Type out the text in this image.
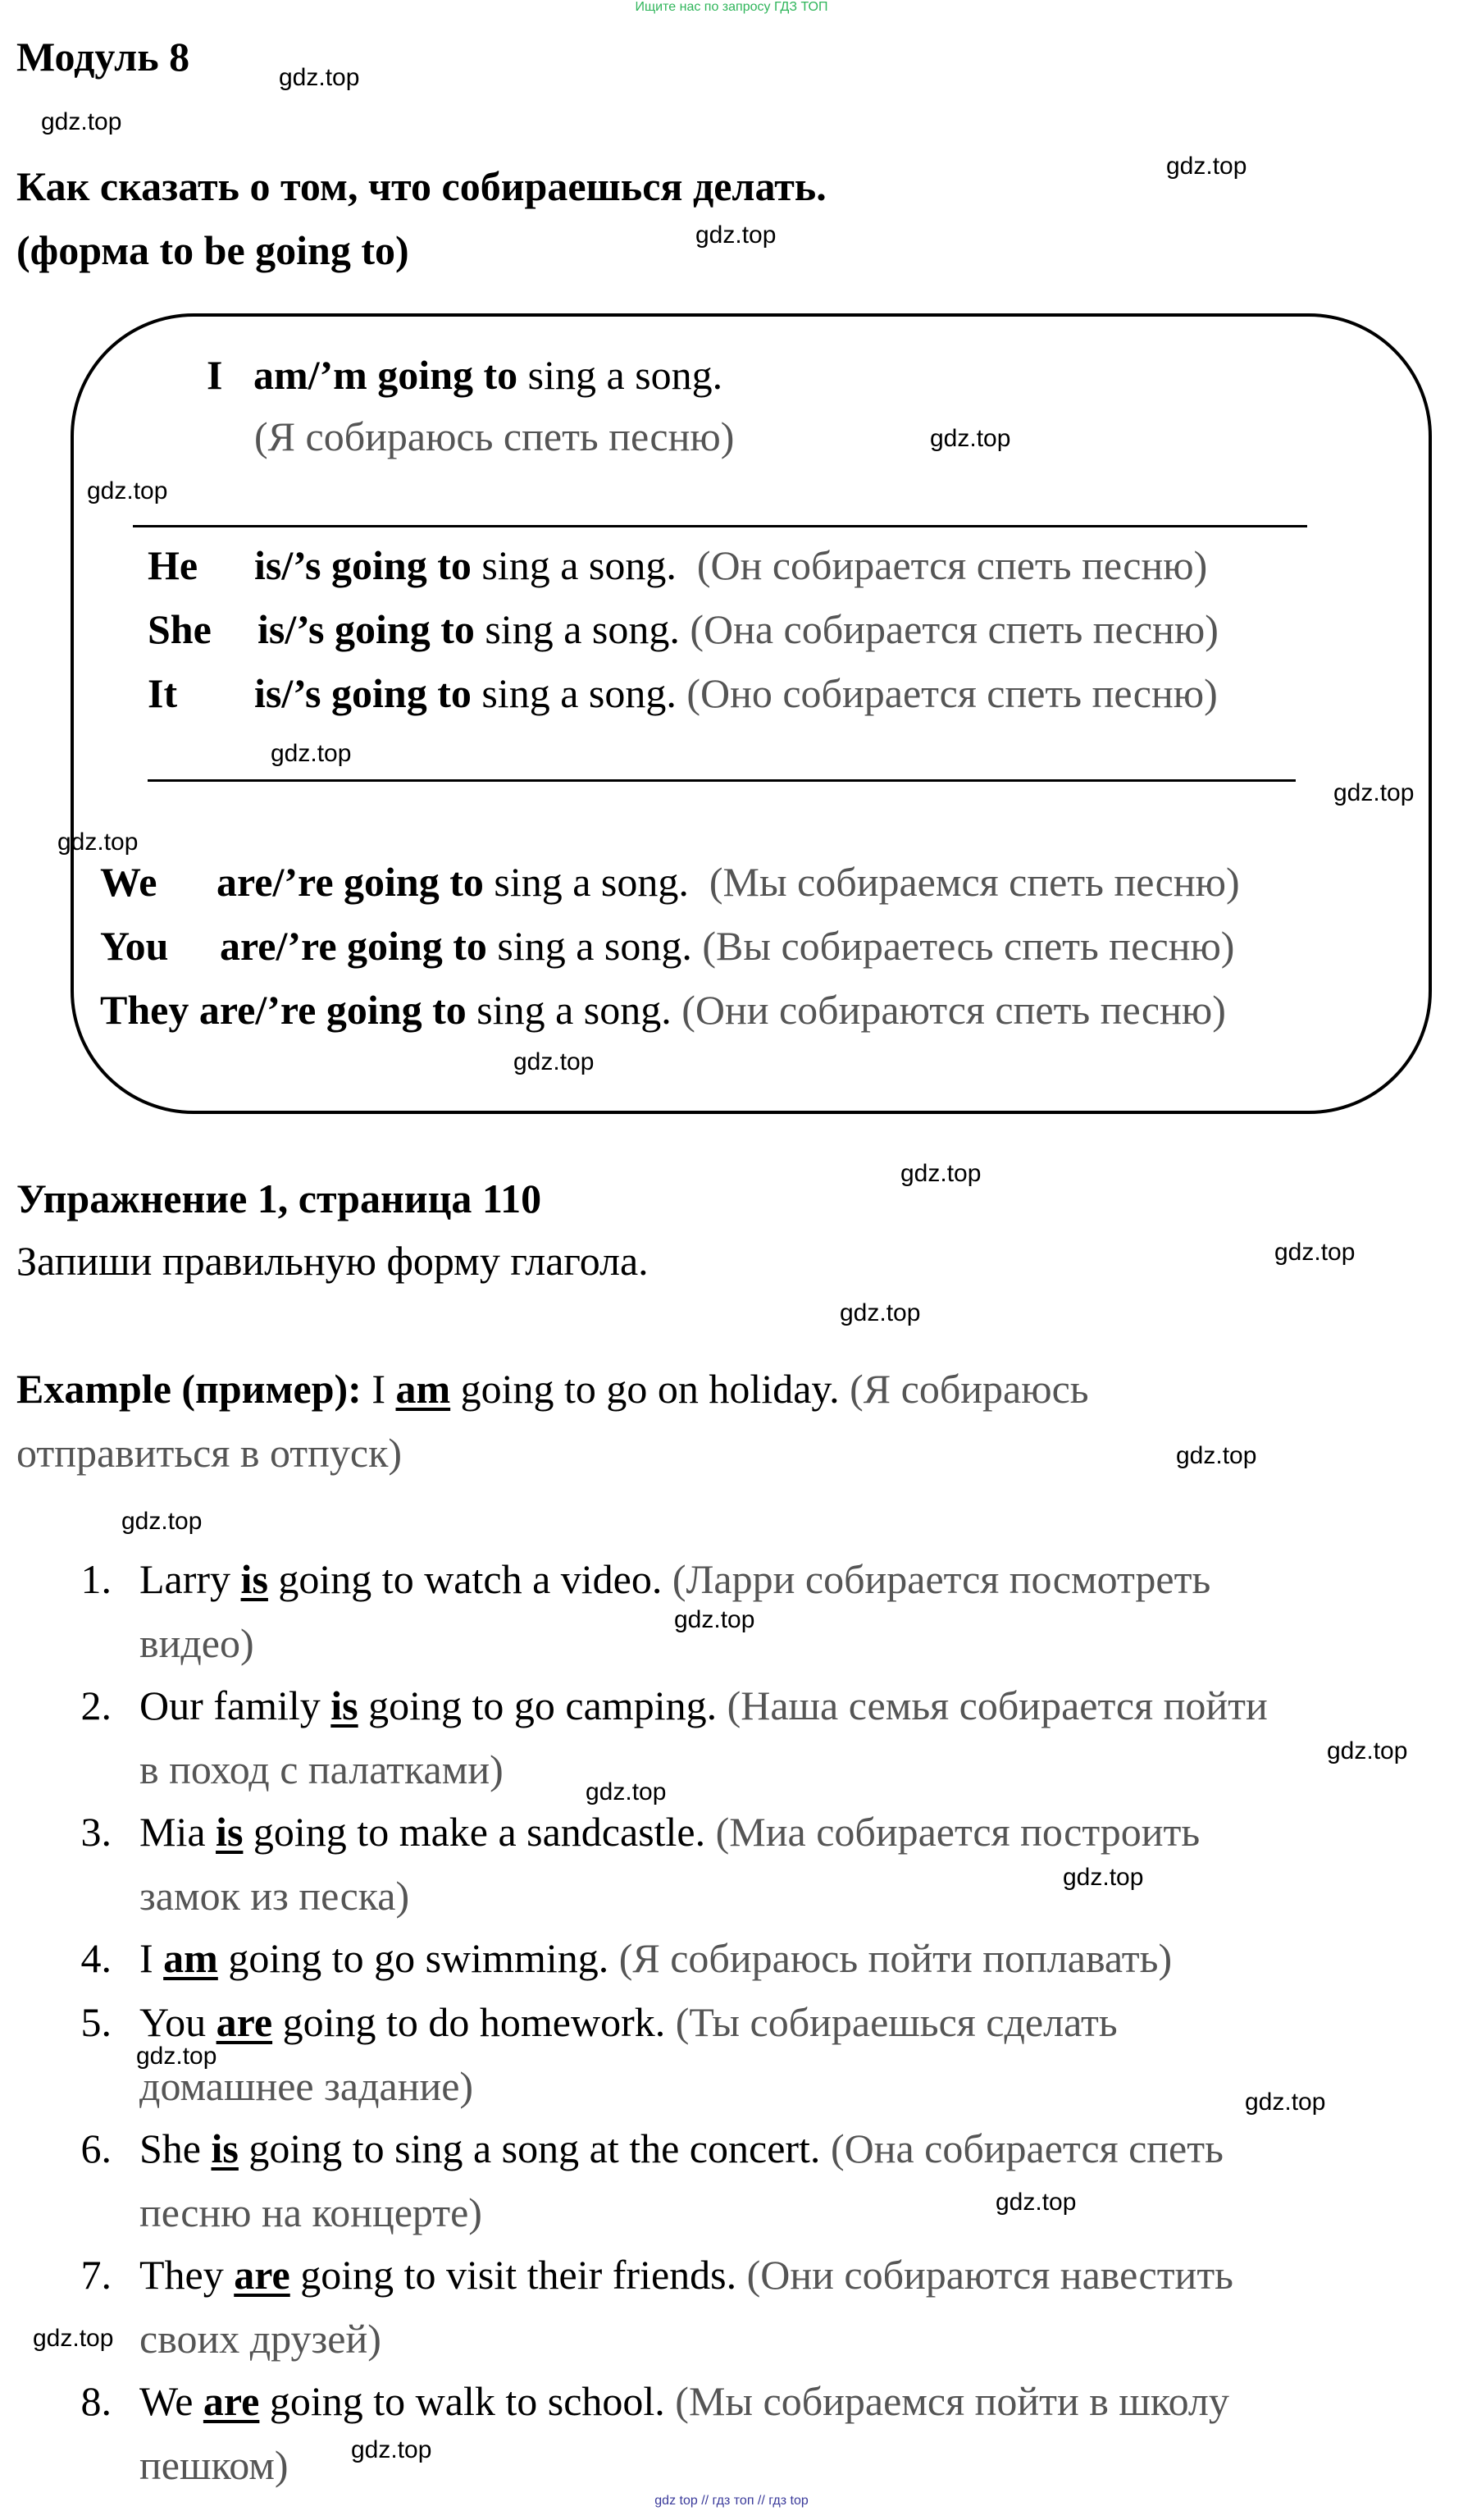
Ищите нас по запросу ГДЗ ТОП
Модуль 8
Как сказать о том, что собираешься делать.
(форма to be going to)
I am/’m going to sing a song.
(Я собираюсь спеть песню)
He is/’s going to sing a song. (Он собирается спеть песню)
She is/’s going to sing a song. (Она собирается спеть песню)
It is/’s going to sing a song. (Оно собирается спеть песню)
We are/’re going to sing a song. (Мы собираемся спеть песню)
You are/’re going to sing a song. (Вы собираетесь спеть песню)
They are/’re going to sing a song. (Они собираются спеть песню)
Упражнение 1, страница 110
Запиши правильную форму глагола.
Example (пример): I am going to go on holiday. (Я собираюсь
отправиться в отпуск)
1. Larry is going to watch a video. (Ларри собирается посмотреть
видео)
2. Our family is going to go camping. (Наша семья собирается пойти
в поход с палатками)
3. Mia is going to make a sandcastle. (Миа собирается построить
замок из песка)
4. I am going to go swimming. (Я собираюсь пойти поплавать)
5. You are going to do homework. (Ты собираешься сделать
домашнее задание)
6. She is going to sing a song at the concert. (Она собирается спеть
песню на концерте)
7. They are going to visit their friends. (Они собираются навестить
своих друзей)
8. We are going to walk to school. (Мы собираемся пойти в школу
пешком)
gdz.top
gdz.top
gdz.top
gdz.top
gdz.top
gdz.top
gdz.top
gdz.top
gdz.top
gdz.top
gdz.top
gdz.top
gdz.top
gdz.top
gdz.top
gdz.top
gdz.top
gdz.top
gdz.top
gdz.top
gdz.top
gdz.top
gdz.top
gdz.top
gdz top // гдз топ // гдз top
